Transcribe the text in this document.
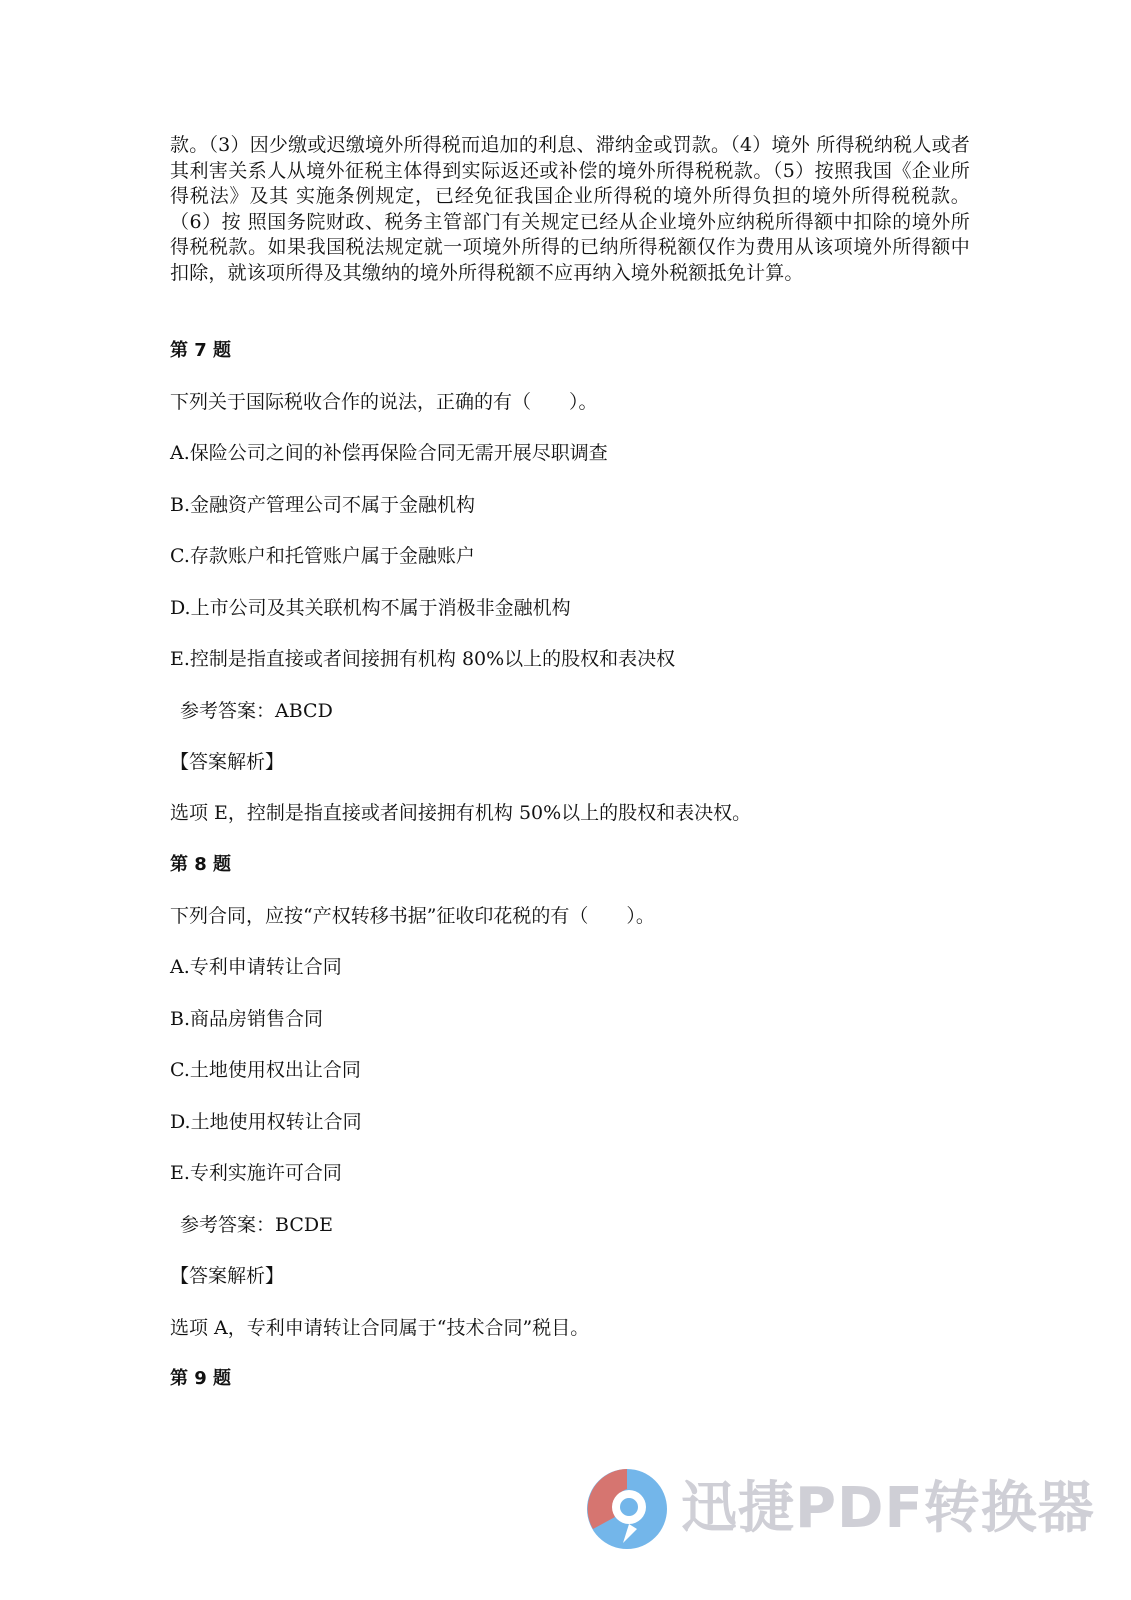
款。（3）因少缴或迟缴境外所得税而追加的利息、滞纳金或罚款。（4）境外 所得税纳税人或者其利害关系人从境外征税主体得到实际返还或补偿的境外所得税税款。（5）按照我国《企业所得税法》及其 实施条例规定，已经免征我国企业所得税的境外所得负担的境外所得税税款。（6）按 照国务院财政、税务主管部门有关规定已经从企业境外应纳税所得额中扣除的境外所得税税款。如果我国税法规定就一项境外所得的已纳所得税额仅作为费用从该项境外所得额中扣除，就该项所得及其缴纳的境外所得税额不应再纳入境外税额抵免计算。
第 7 题
下列关于国际税收合作的说法，正确的有（　　）。
A.保险公司之间的补偿再保险合同无需开展尽职调查
B.金融资产管理公司不属于金融机构
C.存款账户和托管账户属于金融账户
D.上市公司及其关联机构不属于消极非金融机构
E.控制是指直接或者间接拥有机构 80%以上的股权和表决权
参考答案：ABCD
【答案解析】
选项 E，控制是指直接或者间接拥有机构 50%以上的股权和表决权。
第 8 题
下列合同，应按“产权转移书据”征收印花税的有（　　）。
A.专利申请转让合同
B.商品房销售合同
C.土地使用权出让合同
D.土地使用权转让合同
E.专利实施许可合同
参考答案：BCDE
【答案解析】
选项 A，专利申请转让合同属于“技术合同”税目。
第 9 题
迅捷PDF转换器
